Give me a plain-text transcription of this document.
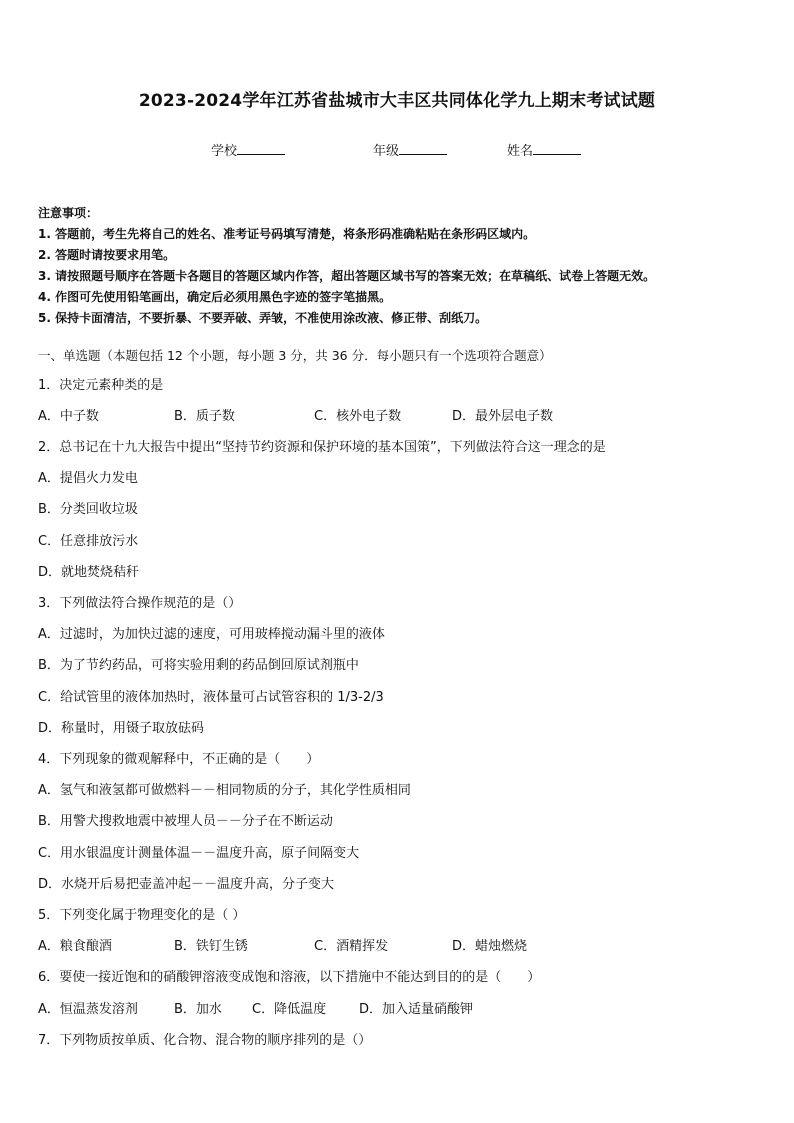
2023-2024学年江苏省盐城市大丰区共同体化学九上期末考试试题
学校	年级	姓名
注意事项：
1. 答题前，考生先将自己的姓名、准考证号码填写清楚，将条形码准确粘贴在条形码区域内。
2. 答题时请按要求用笔。
3. 请按照题号顺序在答题卡各题目的答题区域内作答，超出答题区域书写的答案无效；在草稿纸、试卷上答题无效。
4. 作图可先使用铅笔画出，确定后必须用黑色字迹的签字笔描黑。
5. 保持卡面清洁，不要折暴、不要弄破、弄皱，不准使用涂改液、修正带、刮纸刀。
一、单选题（本题包括 12 个小题，每小题 3 分，共 36 分．每小题只有一个选项符合题意）
1．决定元素种类的是
A．中子数	B．质子数	C．核外电子数	D．最外层电子数
2．总书记在十九大报告中提出“坚持节约资源和保护环境的基本国策”，下列做法符合这一理念的是
A．提倡火力发电
B．分类回收垃圾
C．任意排放污水
D．就地焚烧秸秆
3．下列做法符合操作规范的是（）
A．过滤时，为加快过滤的速度，可用玻棒搅动漏斗里的液体
B．为了节约药品，可将实验用剩的药品倒回原试剂瓶中
C．给试管里的液体加热时，液体量可占试管容积的 1/3-2/3
D．称量时，用镊子取放砝码
4．下列现象的微观解释中，不正确的是（　　）
A．氢气和液氢都可做燃料－－相同物质的分子，其化学性质相同
B．用警犬搜救地震中被埋人员－－分子在不断运动
C．用水银温度计测量体温－－温度升高，原子间隔变大
D．水烧开后易把壶盖冲起－－温度升高，分子变大
5．下列变化属于物理变化的是（ ）
A．粮食酿酒	B．铁钉生锈	C．酒精挥发	D．蜡烛燃烧
6．要使一接近饱和的硝酸钾溶液变成饱和溶液，以下措施中不能达到目的的是（　　）
A．恒温蒸发溶剂	B．加水 C．降低温度	D．加入适量硝酸钾
7．下列物质按单质、化合物、混合物的顺序排列的是（）
